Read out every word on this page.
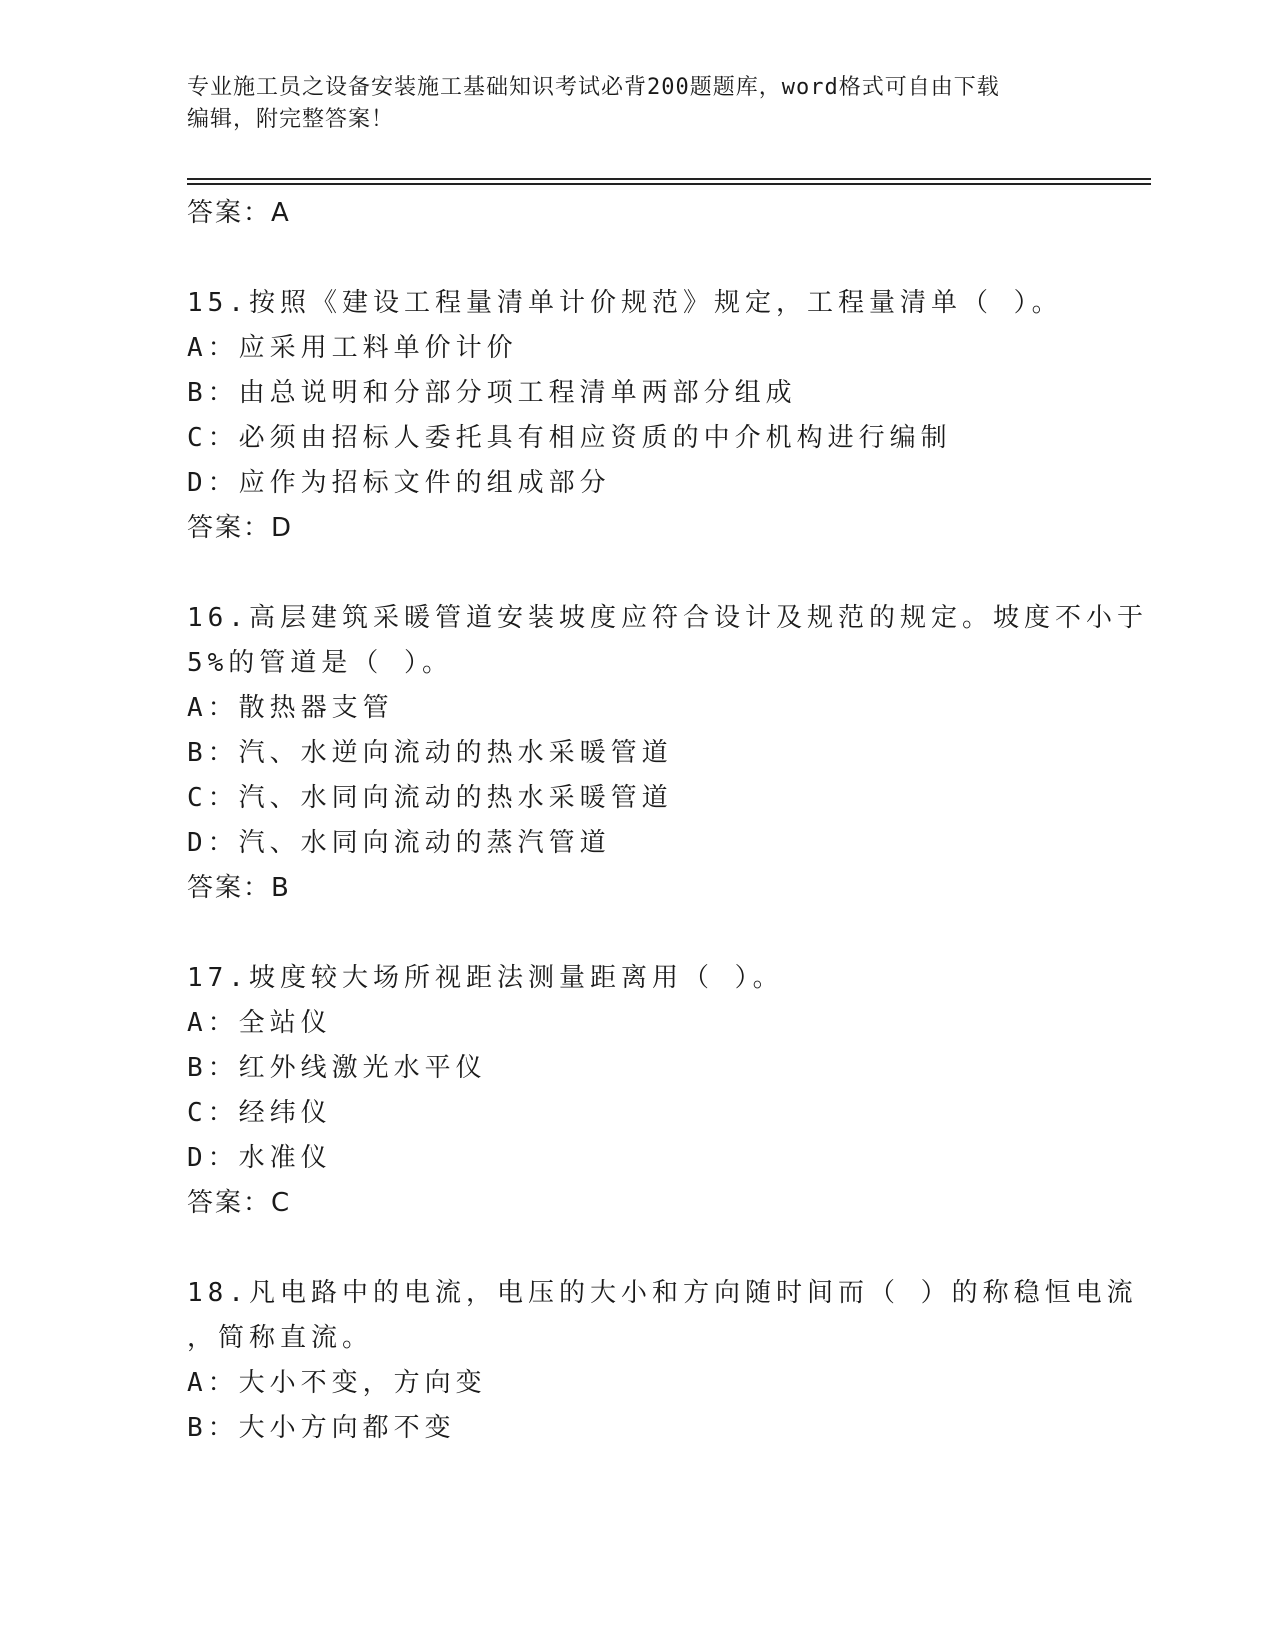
专业施工员之设备安装施工基础知识考试必背200题题库，word格式可自由下载
编辑，附完整答案！
答案：A
15.按照《建设工程量清单计价规范》规定，工程量清单（ ）。
A：应采用工料单价计价
B：由总说明和分部分项工程清单两部分组成
C：必须由招标人委托具有相应资质的中介机构进行编制
D：应作为招标文件的组成部分
答案：D
16.高层建筑采暖管道安装坡度应符合设计及规范的规定。坡度不小于
5%的管道是（ ）。
A：散热器支管
B：汽、水逆向流动的热水采暖管道
C：汽、水同向流动的热水采暖管道
D：汽、水同向流动的蒸汽管道
答案：B
17.坡度较大场所视距法测量距离用（ ）。
A：全站仪
B：红外线激光水平仪
C：经纬仪
D：水准仪
答案：C
18.凡电路中的电流，电压的大小和方向随时间而（ ）的称稳恒电流
，简称直流。
A：大小不变，方向变
B：大小方向都不变
